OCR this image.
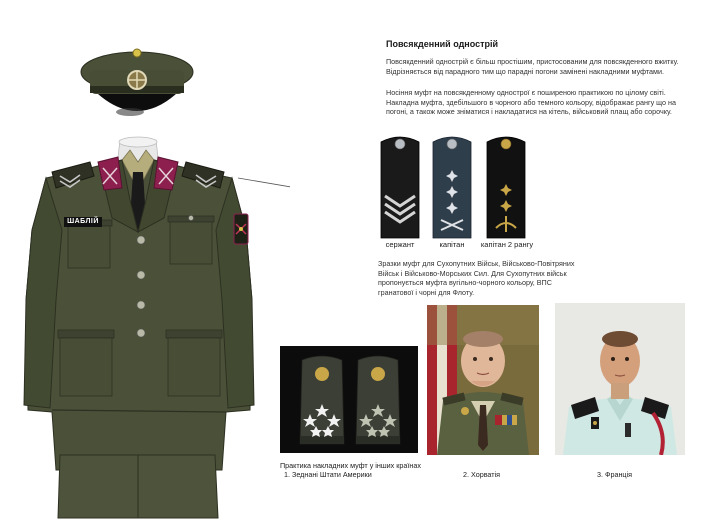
ШАБЛІЙ
Повсякденний однострій
Повсякденний однострій є більш простішим, пристосованим для повсякденного вжитку. Відрізняється від парадного тим що парадні погони замінені накладними муфтами.
Носіння муфт на повсякденному однострої є поширеною практикою по цілому світі. Накладна муфта, здебільшого в чорного або темного кольору, відображає рангу що на погоні, а також може зніматися і накладатися на кітель, військовий плащ або сорочку.
сержант	капітан	капітан 2 рангу
Зразки муфт для Сухопутних Військ, Військово-Повітряних Військ і Військово-Морських Сил. Для Сухопутних військ пропонується муфта вугільно-чорного кольору, ВПС гранатової і чорні для Флоту.
Практика накладних муфт у інших країнах
1. Зеднані Штати Америки	2. Хорватія	3. Франція
